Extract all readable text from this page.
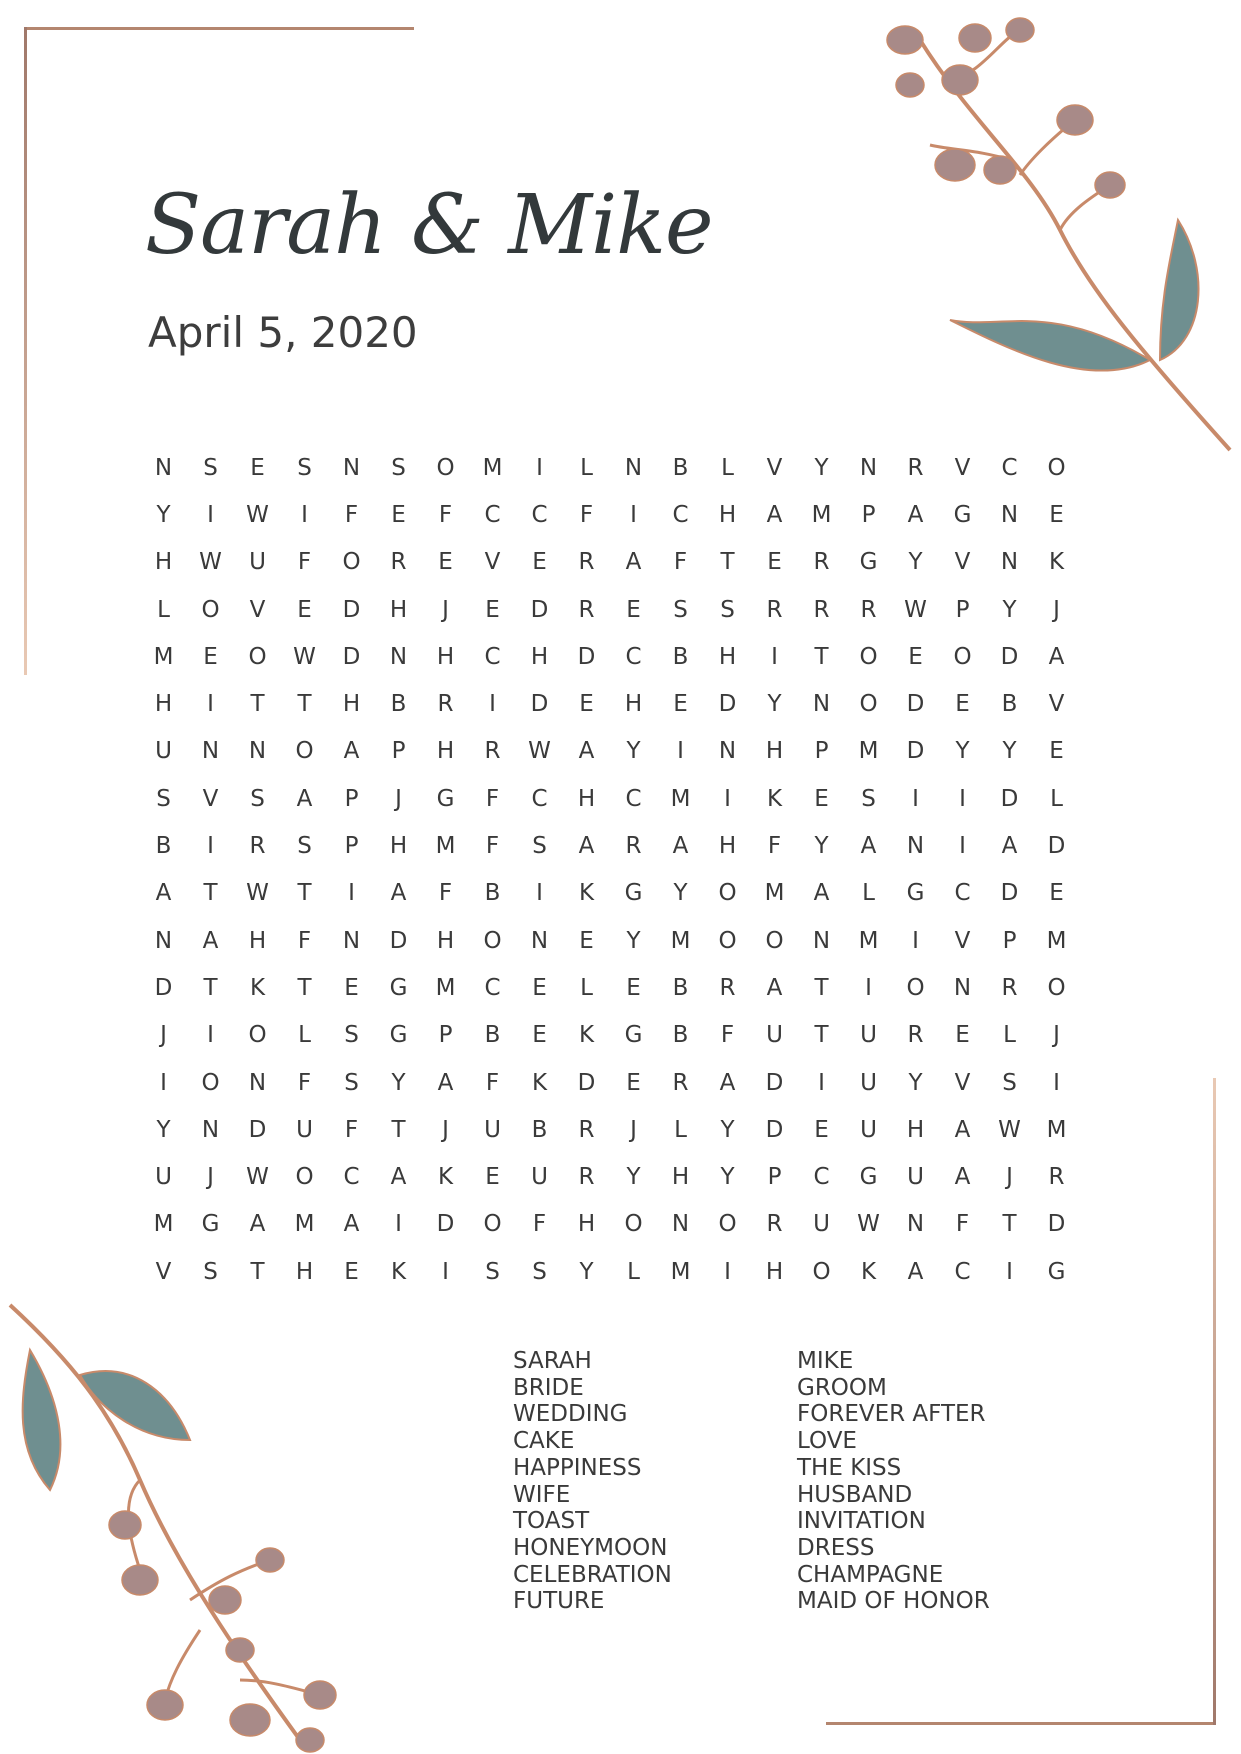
Sarah & Mike
April 5, 2020
N	S	E	S	N	S	O	M	I	L	N	B	L	V	Y	N	R	V	C	O
Y	I	W	I	F	E	F	C	C	F	I	C	H	A	M	P	A	G	N	E
H	W	U	F	O	R	E	V	E	R	A	F	T	E	R	G	Y	V	N	K
L	O	V	E	D	H	J	E	D	R	E	S	S	R	R	R	W	P	Y	J
M	E	O	W	D	N	H	C	H	D	C	B	H	I	T	O	E	O	D	A
H	I	T	T	H	B	R	I	D	E	H	E	D	Y	N	O	D	E	B	V
U	N	N	O	A	P	H	R	W	A	Y	I	N	H	P	M	D	Y	Y	E
S	V	S	A	P	J	G	F	C	H	C	M	I	K	E	S	I	I	D	L
B	I	R	S	P	H	M	F	S	A	R	A	H	F	Y	A	N	I	A	D
A	T	W	T	I	A	F	B	I	K	G	Y	O	M	A	L	G	C	D	E
N	A	H	F	N	D	H	O	N	E	Y	M	O	O	N	M	I	V	P	M
D	T	K	T	E	G	M	C	E	L	E	B	R	A	T	I	O	N	R	O
J	I	O	L	S	G	P	B	E	K	G	B	F	U	T	U	R	E	L	J
I	O	N	F	S	Y	A	F	K	D	E	R	A	D	I	U	Y	V	S	I
Y	N	D	U	F	T	J	U	B	R	J	L	Y	D	E	U	H	A	W	M
U	J	W	O	C	A	K	E	U	R	Y	H	Y	P	C	G	U	A	J	R
M	G	A	M	A	I	D	O	F	H	O	N	O	R	U	W	N	F	T	D
V	S	T	H	E	K	I	S	S	Y	L	M	I	H	O	K	A	C	I	G
SARAH
BRIDE
WEDDING
CAKE
HAPPINESS
WIFE
TOAST
HONEYMOON
CELEBRATION
FUTURE
MIKE
GROOM
FOREVER AFTER
LOVE
THE KISS
HUSBAND
INVITATION
DRESS
CHAMPAGNE
MAID OF HONOR
